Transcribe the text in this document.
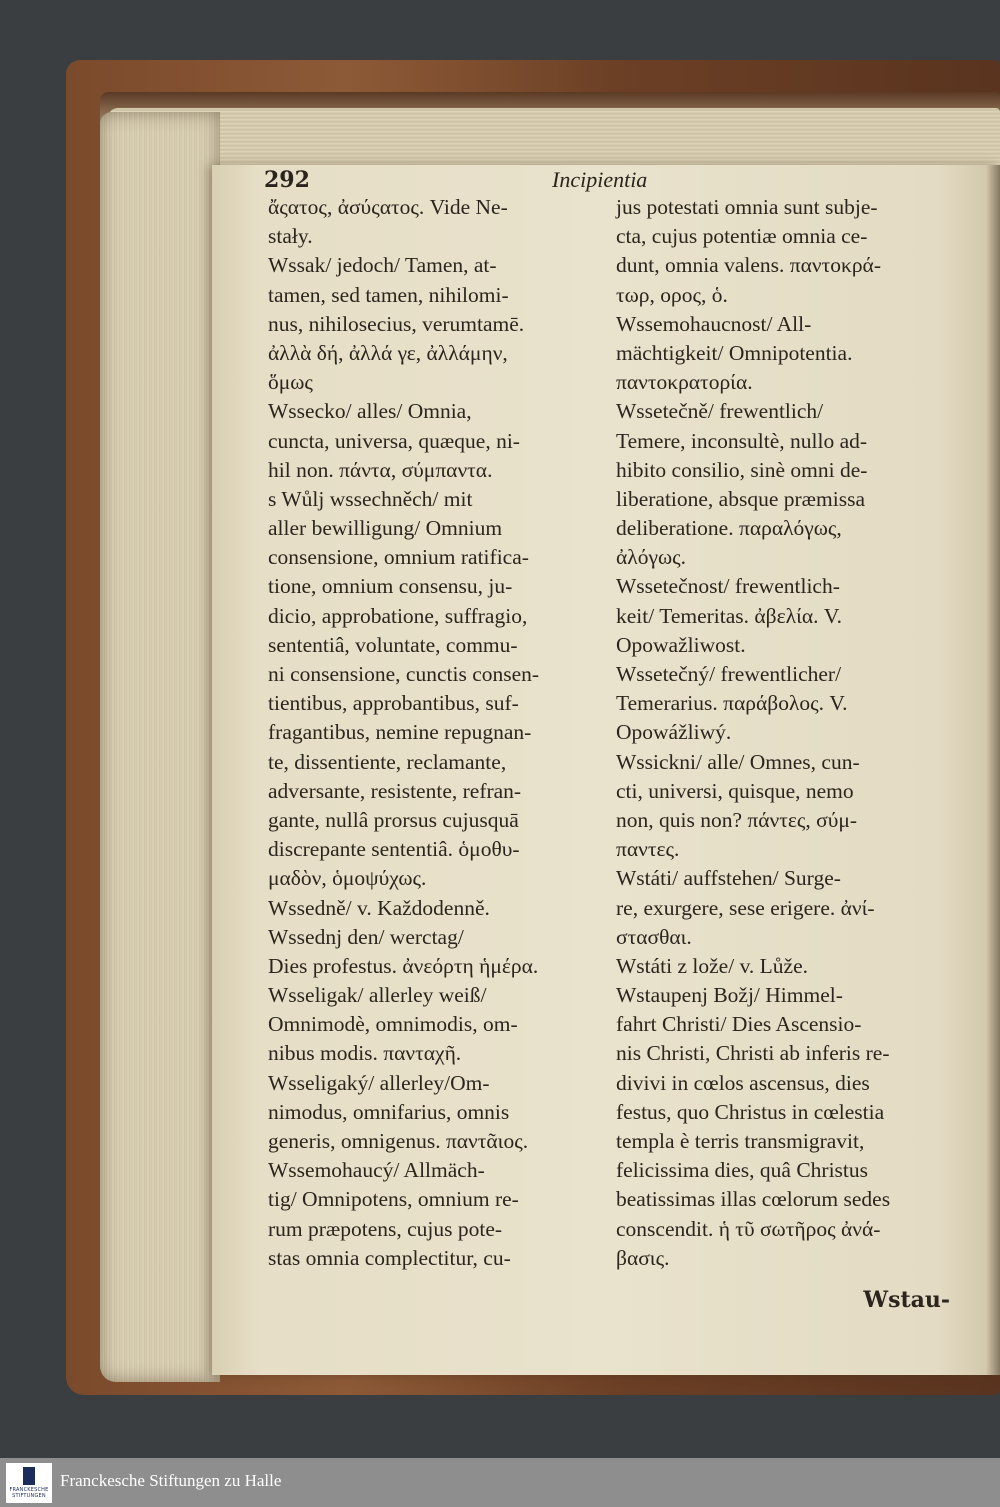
292	Incipientia
ἄςατος, ἀσύςατος. Vide Ne-
stały.
Wssak/ jedoch/ Tamen, at-
tamen, sed tamen, nihilomi-
nus, nihilosecius, verumtamē.
ἀλλὰ δή, ἀλλά γε, ἀλλάμην,
ὅμως
Wssecko/ alles/ Omnia,
cuncta, universa, quæque, ni-
hil non. πάντα, σύμπαντα.
s Wůlj wssechněch/ mit
aller bewilligung/ Omnium
consensione, omnium ratifica-
tione, omnium consensu, ju-
dicio, approbatione, suffragio,
sententiâ, voluntate, commu-
ni consensione, cunctis consen-
tientibus, approbantibus, suf-
fragantibus, nemine repugnan-
te, dissentiente, reclamante,
adversante, resistente, refran-
gante, nullâ prorsus cujusquā
discrepante sententiâ. ὁμοθυ-
μαδὸν, ὁμοψύχως.
Wssedně/ v. Každodenně.
Wssednj den/ werctag/
Dies profestus. ἀνεόρτη ἡμέρα.
Wsseligak/ allerley weiß/
Omnimodè, omnimodis, om-
nibus modis. πανταχῆ.
Wsseligaký/ allerley/Om-
nimodus, omnifarius, omnis
generis, omnigenus. παντᾶιος.
Wssemohaucý/ Allmäch-
tig/ Omnipotens, omnium re-
rum præpotens, cujus pote-
stas omnia complectitur, cu-
jus potestati omnia sunt subje-
cta, cujus potentiæ omnia ce-
dunt, omnia valens. παντοκρά-
τωρ, ορος, ὁ.
Wssemohaucnost/ All-
mächtigkeit/ Omnipotentia.
παντοκρατορία.
Wssetečně/ frewentlich/
Temere, inconsultè, nullo ad-
hibito consilio, sinè omni de-
liberatione, absque præmissa
deliberatione. παραλόγως,
ἀλόγως.
Wssetečnost/ frewentlich-
keit/ Temeritas. ἀβελία. V.
Opowažliwost.
Wssetečný/ frewentlicher/
Temerarius. παράβολος. V.
Opowážliwý.
Wssickni/ alle/ Omnes, cun-
cti, universi, quisque, nemo
non, quis non? πάντες, σύμ-
παντες.
Wstáti/ auffstehen/ Surge-
re, exurgere, sese erigere. ἀνί-
στασθαι.
Wstáti z lože/ v. Lůže.
Wstaupenj Božj/ Himmel-
fahrt Christi/ Dies Ascensio-
nis Christi, Christi ab inferis re-
divivi in cœlos ascensus, dies
festus, quo Christus in cœlestia
templa è terris transmigravit,
felicissima dies, quâ Christus
beatissimas illas cœlorum sedes
conscendit. ἡ τῦ σωτῆρος ἀνά-
βασις.
Wstau-
FRANCKESCHE STIFTUNGEN
Franckesche Stiftungen zu Halle
